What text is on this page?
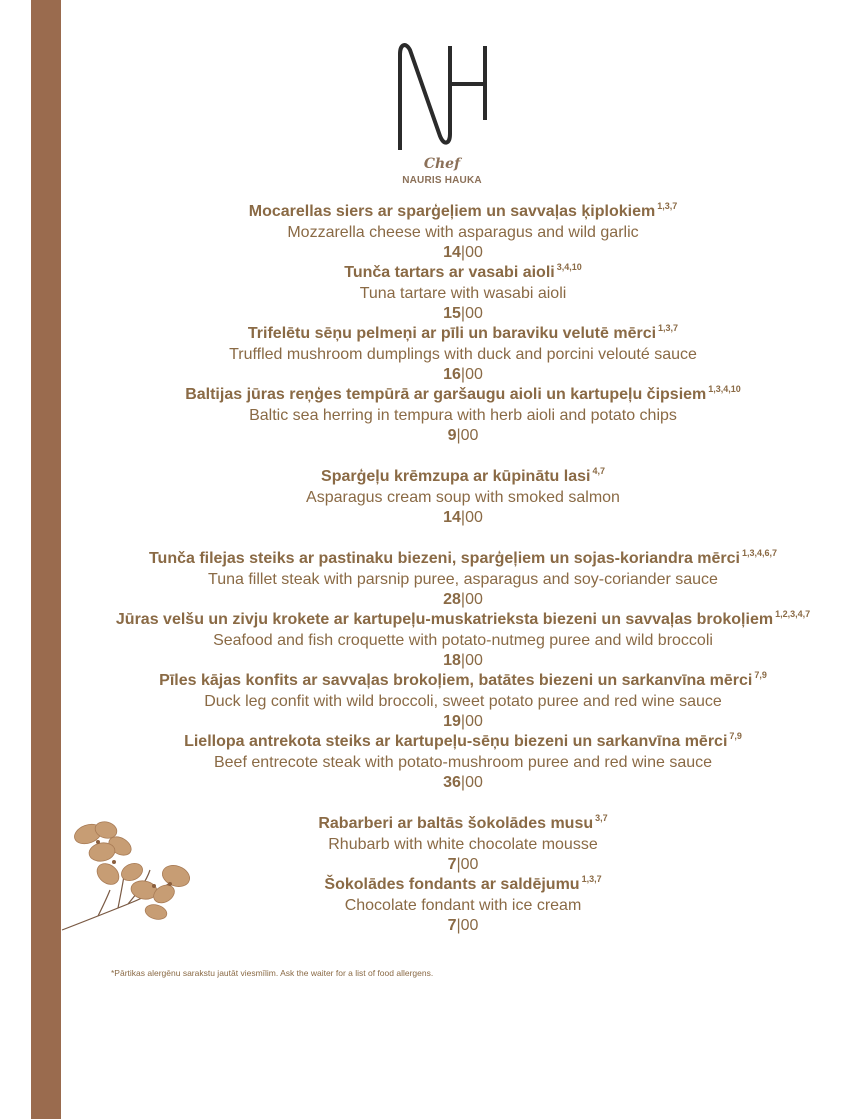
Chef
NAURIS HAUKA
Mocarellas siers ar sparģeļiem un savvaļas ķiplokiem $^{1,3,7}$
Mozzarella cheese with asparagus and wild garlic
14|00
Tunča tartars ar vasabi aioli $^{3,4,10}$
Tuna tartare with wasabi aioli
15|00
Trifelētu sēņu pelmeņi ar pīli un baraviku velutē mērci $^{1,3,7}$
Truffled mushroom dumplings with duck and porcini velouté sauce
16|00
Baltijas jūras reņģes tempūrā ar garšaugu aioli un kartupeļu čipsiem $^{1,3,4,10}$
Baltic sea herring in tempura with herb aioli and potato chips
9|00
Sparģeļu krēmzupa ar kūpinātu lasi $^{4,7}$
Asparagus cream soup with smoked salmon
14|00
Tunča filejas steiks ar pastinaku biezeni, sparģeļiem un sojas-koriandra mērci $^{1,3,4,6,7}$
Tuna fillet steak with parsnip puree, asparagus and soy-coriander sauce
28|00
Jūras velšu un zivju krokete ar kartupeļu-muskatrieksta biezeni un savvaļas brokoļiem $^{1,2,3,4,7}$
Seafood and fish croquette with potato-nutmeg puree and wild broccoli
18|00
Pīles kājas konfits ar savvaļas brokoļiem, batātes biezeni un sarkanvīna mērci $^{7,9}$
Duck leg confit with wild broccoli, sweet potato puree and red wine sauce
19|00
Liellopa antrekota steiks ar kartupeļu-sēņu biezeni un sarkanvīna mērci $^{7,9}$
Beef entrecote steak with potato-mushroom puree and red wine sauce
36|00
Rabarberi ar baltās šokolādes musu $^{3,7}$
Rhubarb with white chocolate mousse
7|00
Šokolādes fondants ar saldējumu $^{1,3,7}$
Chocolate fondant with ice cream
7|00
*Pārtikas alergēnu sarakstu jautāt viesmīlim. Ask the waiter for a list of food allergens.
